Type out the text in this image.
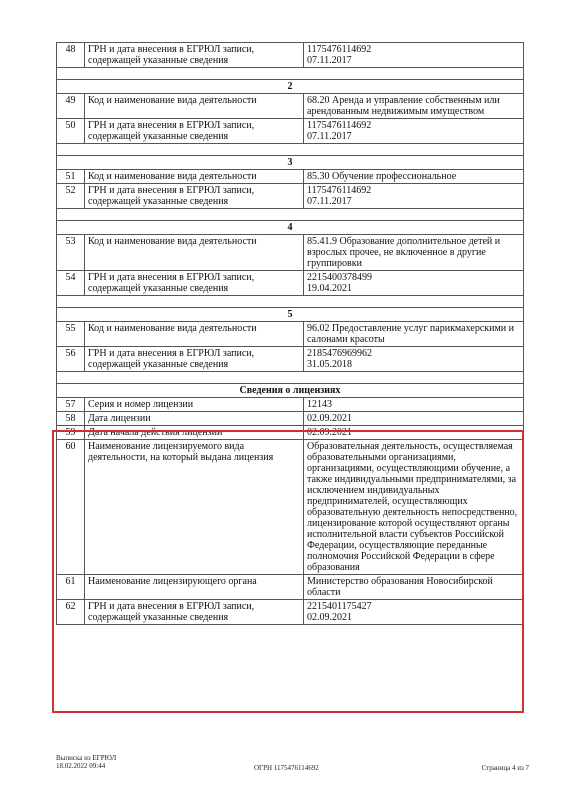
48	ГРН и дата внесения в ЕГРЮЛ записи, содержащей указанные сведения	1175476114692
07.11.2017

2		
49	Код и наименование вида деятельности	68.20 Аренда и управление собственным или арендованным недвижимым имуществом
50	ГРН и дата внесения в ЕГРЮЛ записи, содержащей указанные сведения	1175476114692
07.11.2017

3		
51	Код и наименование вида деятельности	85.30 Обучение профессиональное
52	ГРН и дата внесения в ЕГРЮЛ записи, содержащей указанные сведения	1175476114692
07.11.2017

4		
53	Код и наименование вида деятельности	85.41.9 Образование дополнительное детей и взрослых прочее, не включенное в другие группировки
54	ГРН и дата внесения в ЕГРЮЛ записи, содержащей указанные сведения	2215400378499
19.04.2021

5		
55	Код и наименование вида деятельности	96.02 Предоставление услуг парикмахерскими и салонами красоты
56	ГРН и дата внесения в ЕГРЮЛ записи, содержащей указанные сведения	2185476969962
31.05.2018

Сведения о лицензиях		
57	Серия и номер лицензии	12143
58	Дата лицензии	02.09.2021
59	Дата начала действия лицензии	02.09.2021
60	Наименование лицензируемого вида деятельности, на который выдана лицензия	Образовательная деятельность, осуществляемая образовательными организациями, организациями, осуществляющими обучение, а также индивидуальными предпринимателями, за исключением индивидуальных предпринимателей, осуществляющих образовательную деятельность непосредственно, лицензирование которой осуществляют органы исполнительной власти субъектов Российской Федерации, осуществляющие переданные полномочия Российской Федерации в сфере образования
61	Наименование лицензирующего органа	Министерство образования Новосибирской области
62	ГРН и дата внесения в ЕГРЮЛ записи, содержащей указанные сведения	2215401175427
02.09.2021
Выписка из ЕГРЮЛ
18.02.2022 09:44	ОГРН 1175476114692	Страница 4 из 7
